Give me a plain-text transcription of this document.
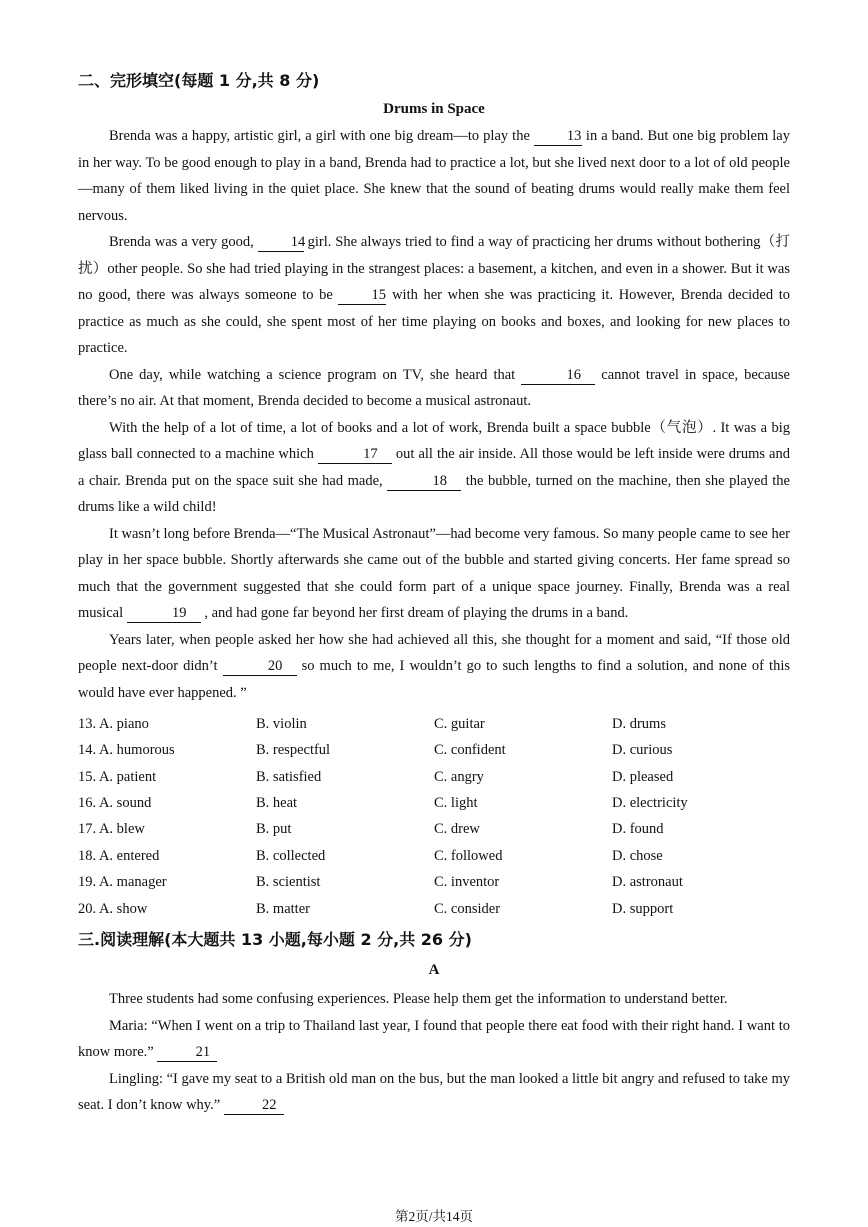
二、完形填空(每题 1 分,共 8 分)
Drums in Space

Brenda was a happy, artistic girl, a girl with one big dream—to play the 13 in a band. But one big problem lay in her way. To be good enough to play in a band, Brenda had to practice a lot, but she lived next door to a lot of old people—many of them liked living in the quiet place. She knew that the sound of beating drums would really make them feel nervous.

Brenda was a very good, 14 girl. She always tried to find a way of practicing her drums without bothering（打扰）other people. So she had tried playing in the strangest places: a basement, a kitchen, and even in a shower. But it was no good, there was always someone to be 15 with her when she was practicing it. However, Brenda decided to practice as much as she could, she spent most of her time playing on books and boxes, and looking for new places to practice.

One day, while watching a science program on TV, she heard that	16 cannot travel in space, because there’s no air. At that moment, Brenda decided to become a musical astronaut.

With the help of a lot of time, a lot of books and a lot of work, Brenda built a space bubble（气泡）. It was a big glass ball connected to a machine which	17 out all the air inside. All those would be left inside were drums and a chair. Brenda put on the space suit she had made,	18 the bubble, turned on the machine, then she played the drums like a wild child!

It wasn’t long before Brenda—“The Musical Astronaut”—had become very famous. So many people came to see her play in her space bubble. Shortly afterwards she came out of the bubble and started giving concerts. Her fame spread so much that the government suggested that she could form part of a unique space journey. Finally, Brenda was a real musical	19 , and had gone far beyond her first dream of playing the drums in a band.

Years later, when people asked her how she had achieved all this, she thought for a moment and said, “If those old people next-door didn’t	20 so much to me, I wouldn’t go to such lengths to find a solution, and none of this would have ever happened. ”

13. A. piano	B. violin	C. guitar	D. drums
14. A. humorous	B. respectful	C. confident	D. curious
15. A. patient	B. satisfied	C. angry	D. pleased
16. A. sound	B. heat	C. light	D. electricity
17. A. blew	B. put	C. drew	D. found
18. A. entered	B. collected	C. followed	D. chose
19. A. manager	B. scientist	C. inventor	D. astronaut
20. A. show	B. matter	C. consider	D. support
三.阅读理解(本大题共 13 小题,每小题 2 分,共 26 分)
A

Three students had some confusing experiences. Please help them get the information to understand better.

Maria: “When I went on a trip to Thailand last year, I found that people there eat food with their right hand. I want to know more.”	21

Lingling: “I gave my seat to a British old man on the bus, but the man looked a little bit angry and refused to take my seat. I don’t know why.”	22

第2页/共14页
